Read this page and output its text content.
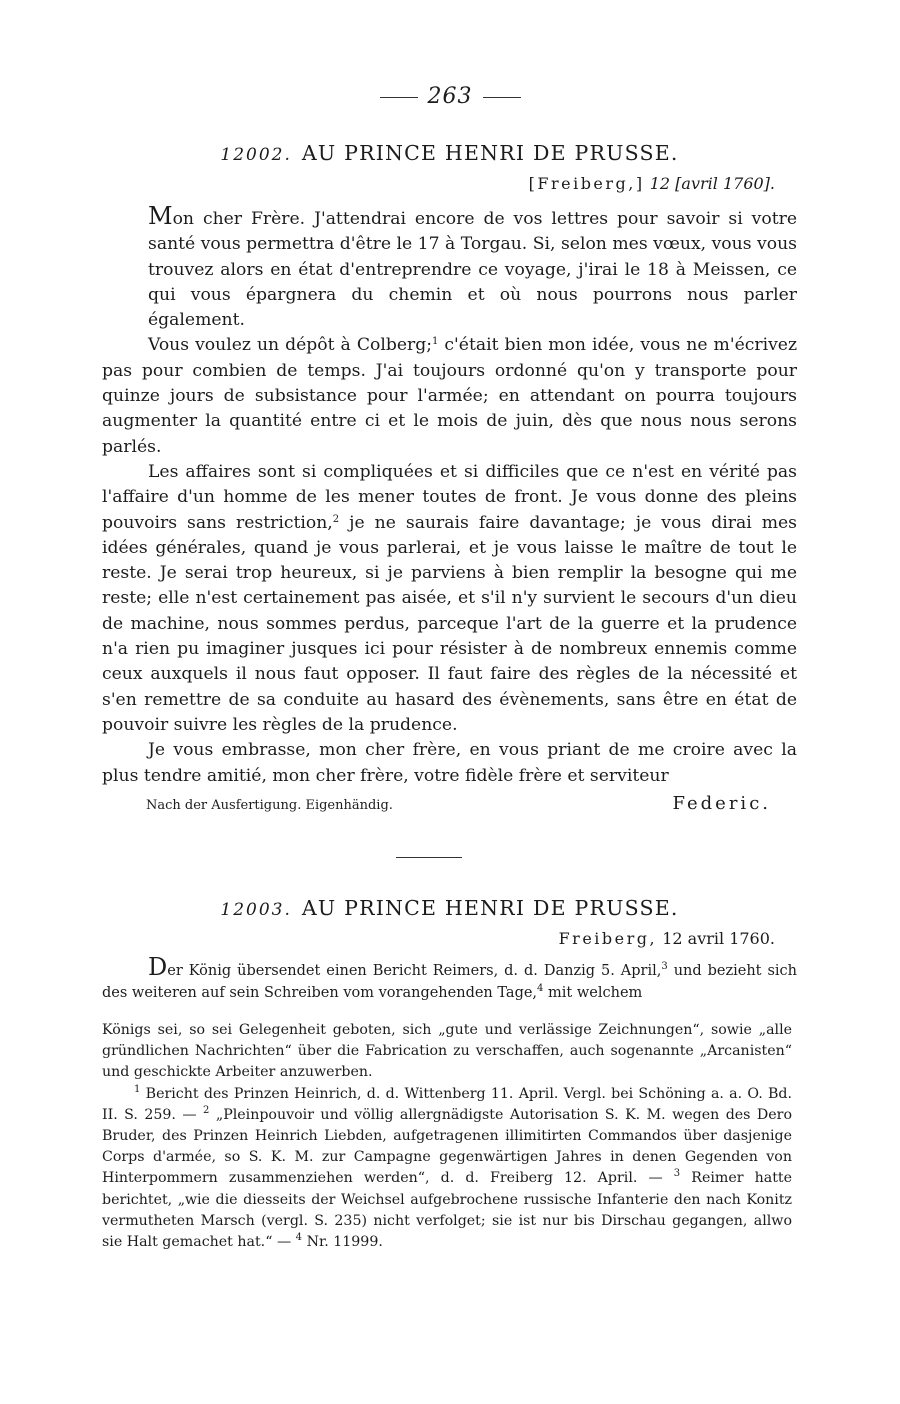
263
12002. AU PRINCE HENRI DE PRUSSE.
[Freiberg,] 12 [avril 1760].

Mon cher Frère. J'attendrai encore de vos lettres pour savoir si votre santé vous permettra d'être le 17 à Torgau. Si, selon mes vœux, vous vous trouvez alors en état d'entreprendre ce voyage, j'irai le 18 à Meissen, ce qui vous épargnera du chemin et où nous pourrons nous parler également.

Vous voulez un dépôt à Colberg;$^1$ c'était bien mon idée, vous ne m'écrivez pas pour combien de temps. J'ai toujours ordonné qu'on y transporte pour quinze jours de subsistance pour l'armée; en attendant on pourra toujours augmenter la quantité entre ci et le mois de juin, dès que nous nous serons parlés.

Les affaires sont si compliquées et si difficiles que ce n'est en vérité pas l'affaire d'un homme de les mener toutes de front. Je vous donne des pleins pouvoirs sans restriction,$^2$ je ne saurais faire davantage; je vous dirai mes idées générales, quand je vous parlerai, et je vous laisse le maître de tout le reste. Je serai trop heureux, si je parviens à bien remplir la besogne qui me reste; elle n'est certainement pas aisée, et s'il n'y survient le secours d'un dieu de machine, nous sommes perdus, parceque l'art de la guerre et la prudence n'a rien pu imaginer jusques ici pour résister à de nombreux ennemis comme ceux auxquels il nous faut opposer. Il faut faire des règles de la nécessité et s'en remettre de sa conduite au hasard des évènements, sans être en état de pouvoir suivre les règles de la prudence.

Je vous embrasse, mon cher frère, en vous priant de me croire avec la plus tendre amitié, mon cher frère, votre fidèle frère et serviteur

Nach der Ausfertigung. Eigenhändig.	Federic.
12003. AU PRINCE HENRI DE PRUSSE.
Freiberg, 12 avril 1760.

Der König übersendet einen Bericht Reimers, d. d. Danzig 5. April,$^3$ und bezieht sich des weiteren auf sein Schreiben vom vorangehenden Tage,$^4$ mit welchem

Königs sei, so sei Gelegenheit geboten, sich „gute und verlässige Zeichnungen“, sowie „alle gründlichen Nachrichten“ über die Fabrication zu verschaffen, auch sogenannte „Arcanisten“ und geschickte Arbeiter anzuwerben.

$^1$ Bericht des Prinzen Heinrich, d. d. Wittenberg 11. April. Vergl. bei Schöning a. a. O. Bd. II. S. 259. — $^2$ „Pleinpouvoir und völlig allergnädigste Autorisation S. K. M. wegen des Dero Bruder, des Prinzen Heinrich Liebden, aufgetragenen illimitirten Commandos über dasjenige Corps d'armée, so S. K. M. zur Campagne gegenwärtigen Jahres in denen Gegenden von Hinterpommern zusammenziehen werden“, d. d. Freiberg 12. April. — $^3$ Reimer hatte berichtet, „wie die diesseits der Weichsel aufgebrochene russische Infanterie den nach Konitz vermutheten Marsch (vergl. S. 235) nicht verfolget; sie ist nur bis Dirschau gegangen, allwo sie Halt gemachet hat.“ — $^4$ Nr. 11999.
